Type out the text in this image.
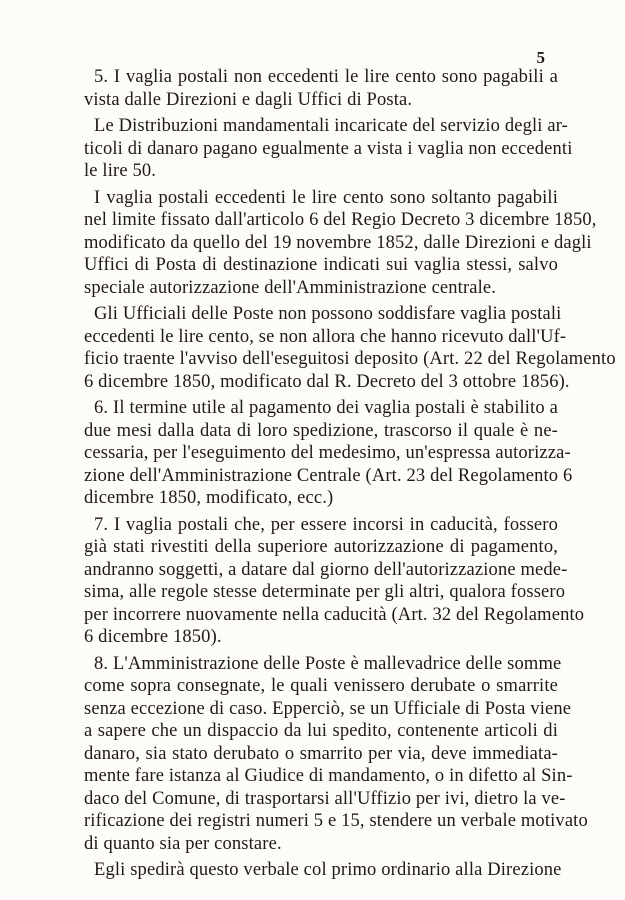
5
5. I vaglia postali non eccedenti le lire cento sono pagabili a
vista dalle Direzioni e dagli Uffici di Posta.
Le Distribuzioni mandamentali incaricate del servizio degli ar-
ticoli di danaro pagano egualmente a vista i vaglia non eccedenti
le lire 50.
I vaglia postali eccedenti le lire cento sono soltanto pagabili
nel limite fissato dall'articolo 6 del Regio Decreto 3 dicembre 1850,
modificato da quello del 19 novembre 1852, dalle Direzioni e dagli
Uffici di Posta di destinazione indicati sui vaglia stessi, salvo
speciale autorizzazione dell'Amministrazione centrale.
Gli Ufficiali delle Poste non possono soddisfare vaglia postali
eccedenti le lire cento, se non allora che hanno ricevuto dall'Uf-
ficio traente l'avviso dell'eseguitosi deposito (Art. 22 del Regolamento
6 dicembre 1850, modificato dal R. Decreto del 3 ottobre 1856).
6. Il termine utile al pagamento dei vaglia postali è stabilito a
due mesi dalla data di loro spedizione, trascorso il quale è ne-
cessaria, per l'eseguimento del medesimo, un'espressa autorizza-
zione dell'Amministrazione Centrale (Art. 23 del Regolamento 6
dicembre 1850, modificato, ecc.)
7. I vaglia postali che, per essere incorsi in caducità, fossero
già stati rivestiti della superiore autorizzazione di pagamento,
andranno soggetti, a datare dal giorno dell'autorizzazione mede-
sima, alle regole stesse determinate per gli altri, qualora fossero
per incorrere nuovamente nella caducità (Art. 32 del Regolamento
6 dicembre 1850).
8. L'Amministrazione delle Poste è mallevadrice delle somme
come sopra consegnate, le quali venissero derubate o smarrite
senza eccezione di caso. Epperciò, se un Ufficiale di Posta viene
a sapere che un dispaccio da lui spedito, contenente articoli di
danaro, sia stato derubato o smarrito per via, deve immediata-
mente fare istanza al Giudice di mandamento, o in difetto al Sin-
daco del Comune, di trasportarsi all'Uffizio per ivi, dietro la ve-
rificazione dei registri numeri 5 e 15, stendere un verbale motivato
di quanto sia per constare.
Egli spedirà questo verbale col primo ordinario alla Direzione
